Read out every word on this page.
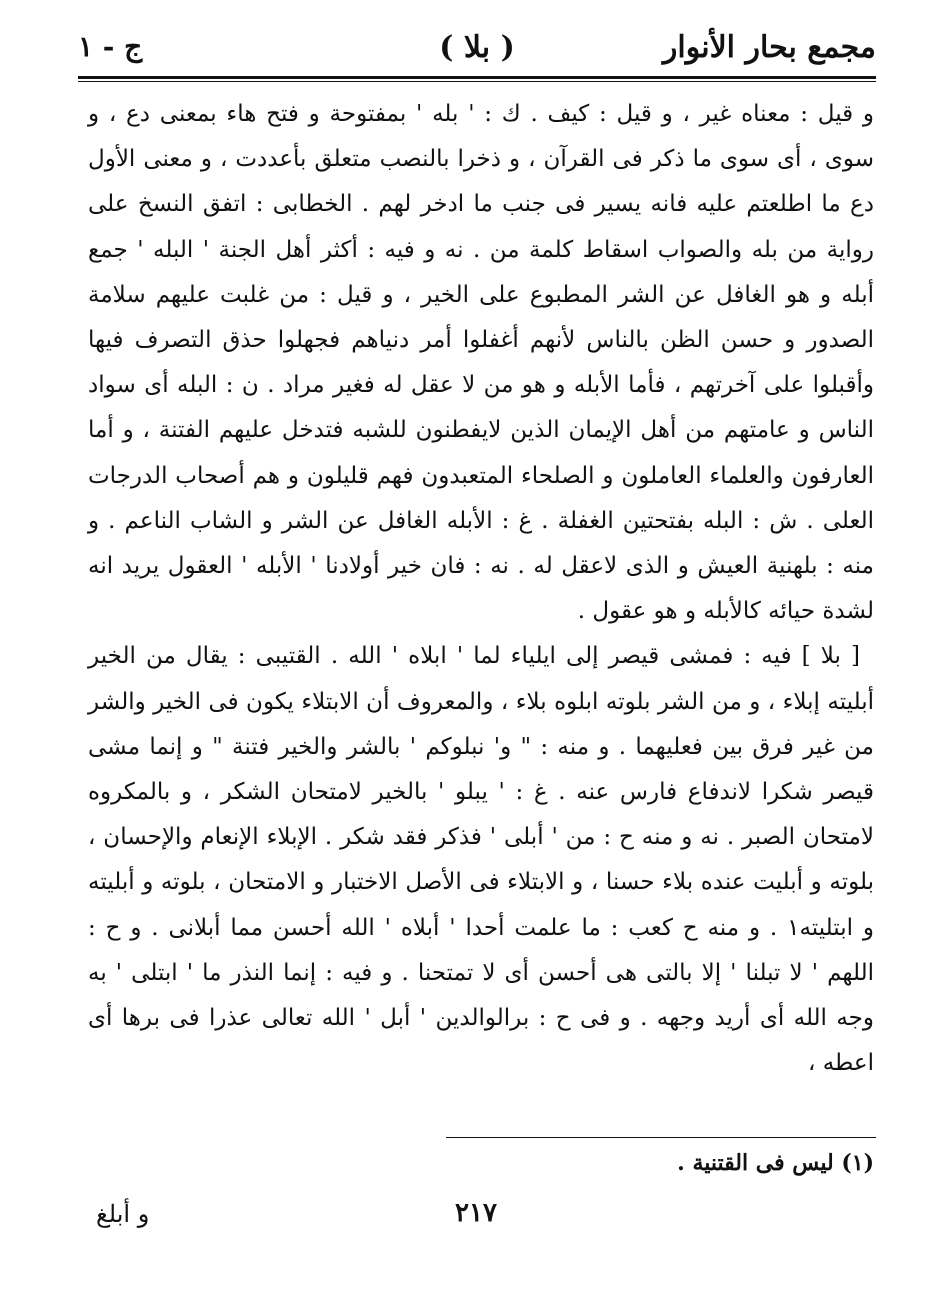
مجمع بحار الأنوار
( بلا )
ج - ١

و قيل : معناه غير ، و قيل : كيف . ك : ' بله ' بمفتوحة و فتح هاء بمعنى دع ، و سوى ، أى سوى ما ذكر فى القرآن ، و ذخرا بالنصب متعلق بأعددت ، و معنى الأول دع ما اطلعتم عليه فانه يسير فى جنب ما ادخر لهم . الخطابى : اتفق النسخ على رواية من بله والصواب اسقاط كلمة من . نه و فيه : أكثر أهل الجنة ' البله ' جمع أبله و هو الغافل عن الشر المطبوع على الخير ، و قيل : من غلبت عليهم سلامة الصدور و حسن الظن بالناس لأنهم أغفلوا أمر دنياهم فجهلوا حذق التصرف فيها وأقبلوا على آخرتهم ، فأما الأبله و هو من لا عقل له فغير مراد . ن : البله أى سواد الناس و عامتهم من أهل الإيمان الذين لايفطنون للشبه فتدخل عليهم الفتنة ، و أما العارفون والعلماء العاملون و الصلحاء المتعبدون فهم قليلون و هم أصحاب الدرجات العلى . ش : البله بفتحتين الغفلة . غ : الأبله الغافل عن الشر و الشاب الناعم . و منه : بلهنية العيش و الذى لاعقل له . نه : فان خير أولادنا ' الأبله ' العقول يريد انه لشدة حيائه كالأبله و هو عقول .

[ بلا ] فيه : فمشى قيصر إلى ايلياء لما ' ابلاه ' الله . القتيبى : يقال من الخير أبليته إبلاء ، و من الشر بلوته ابلوه بلاء ، والمعروف أن الابتلاء يكون فى الخير والشر من غير فرق بين فعليهما . و منه : " و' نبلوكم ' بالشر والخير فتنة " و إنما مشى قيصر شكرا لاندفاع فارس عنه . غ : ' يبلو ' بالخير لامتحان الشكر ، و بالمكروه لامتحان الصبر . نه و منه ح : من ' أبلى ' فذكر فقد شكر . الإبلاء الإنعام والإحسان ، بلوته و أبليت عنده بلاء حسنا ، و الابتلاء فى الأصل الاختبار و الامتحان ، بلوته و أبليته و ابتليته١ . و منه ح كعب : ما علمت أحدا ' أبلاه ' الله أحسن مما أبلانى . و ح : اللهم ' لا تبلنا ' إلا بالتى هى أحسن أى لا تمتحنا . و فيه : إنما النذر ما ' ابتلى ' به وجه الله أى أريد وجهه . و فى ح : برالوالدين ' أبل ' الله تعالى عذرا فى برها أى اعطه ،

(١) ليس فى القتنية .
٢١٧
و أبلغ
